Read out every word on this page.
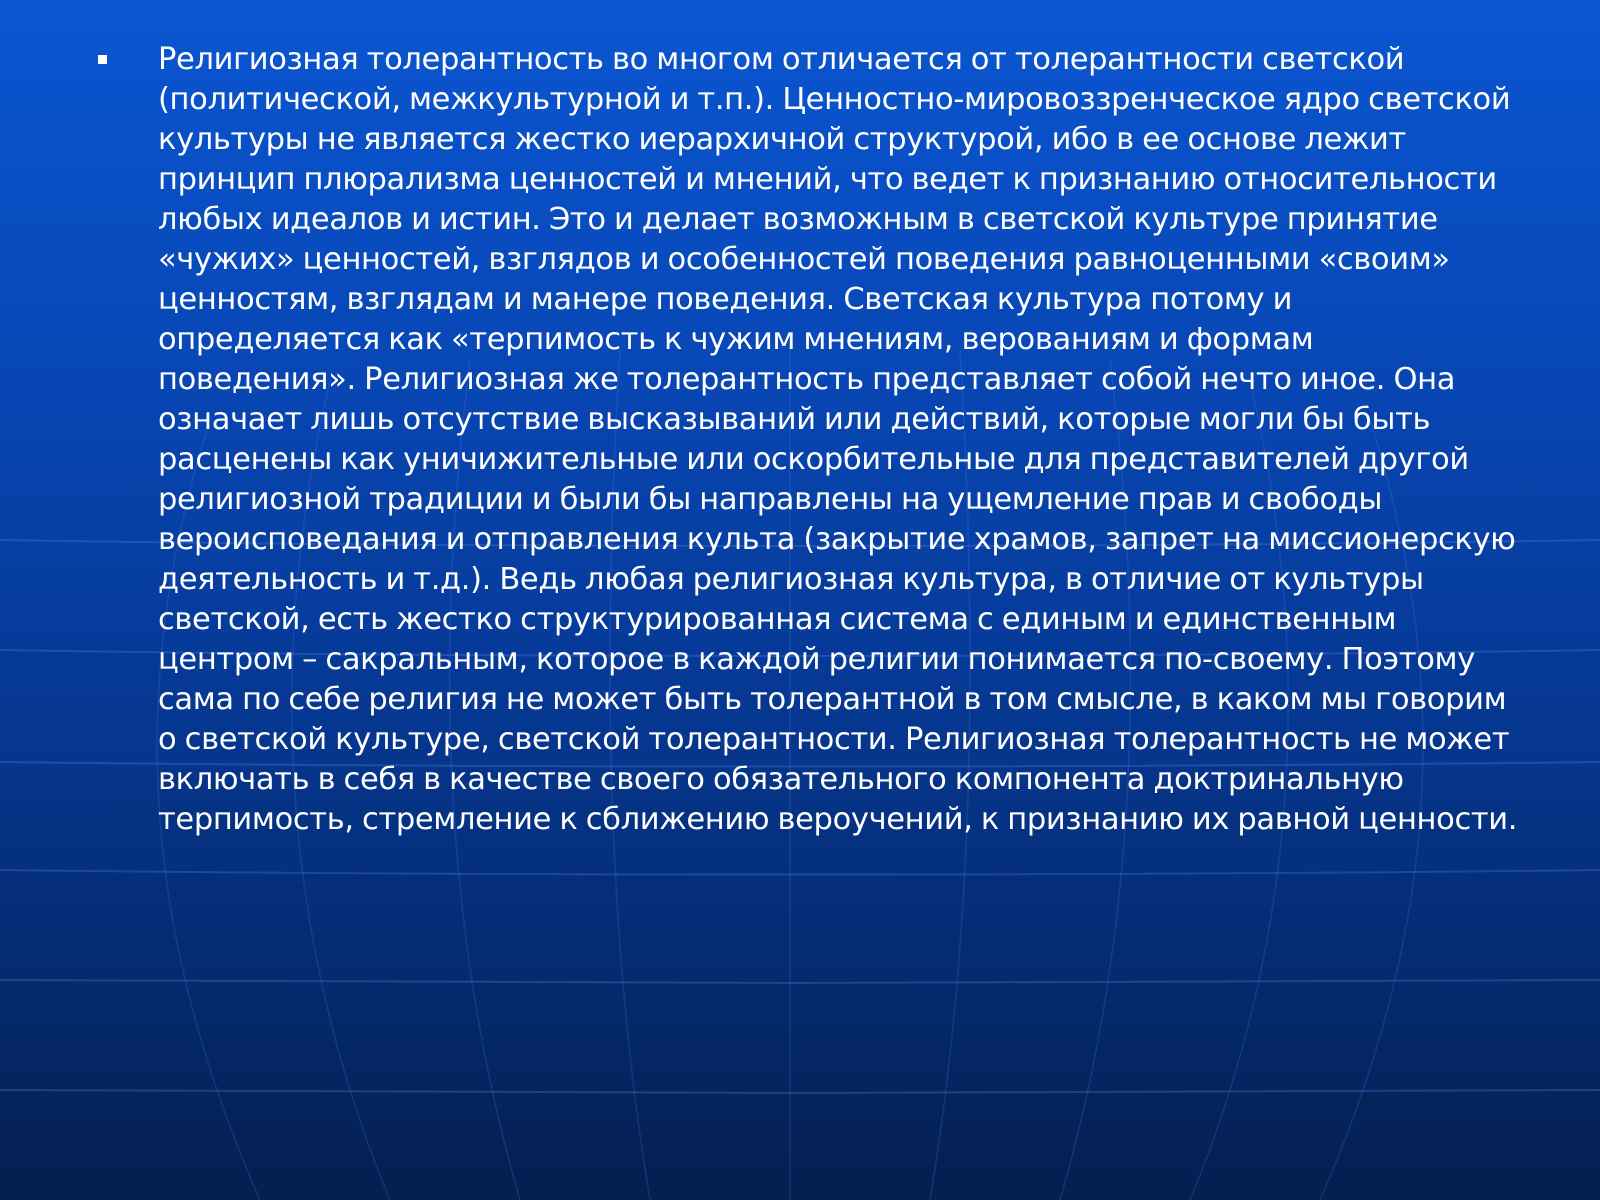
Религиозная толерантность во многом отличается от толерантности светской (политической, межкультурной и т.п.). Ценностно-мировоззренческое ядро светской культуры не является жестко иерархичной структурой, ибо в ее основе лежит принцип плюрализма ценностей и мнений, что ведет к признанию относительности любых идеалов и истин. Это и делает возможным в светской культуре принятие «чужих» ценностей, взглядов и особенностей поведения равноценными «своим» ценностям, взглядам и манере поведения. Светская культура потому и определяется как «терпимость к чужим мнениям, верованиям и формам поведения». Религиозная же толерантность представляет собой нечто иное. Она означает лишь отсутствие высказываний или действий, которые могли бы быть расценены как уничижительные или оскорбительные для представителей другой религиозной традиции и были бы направлены на ущемление прав и свободы вероисповедания и отправления культа (закрытие храмов, запрет на миссионерскую деятельность и т.д.). Ведь любая религиозная культура, в отличие от культуры светской, есть жестко структурированная система с единым и единственным центром – сакральным, которое в каждой религии понимается по-своему. Поэтому сама по себе религия не может быть толерантной в том смысле, в каком мы говорим о светской культуре, светской толерантности. Религиозная толерантность не может включать в себя в качестве своего обязательного компонента доктринальную терпимость, стремление к сближению вероучений, к признанию их равной ценности.
